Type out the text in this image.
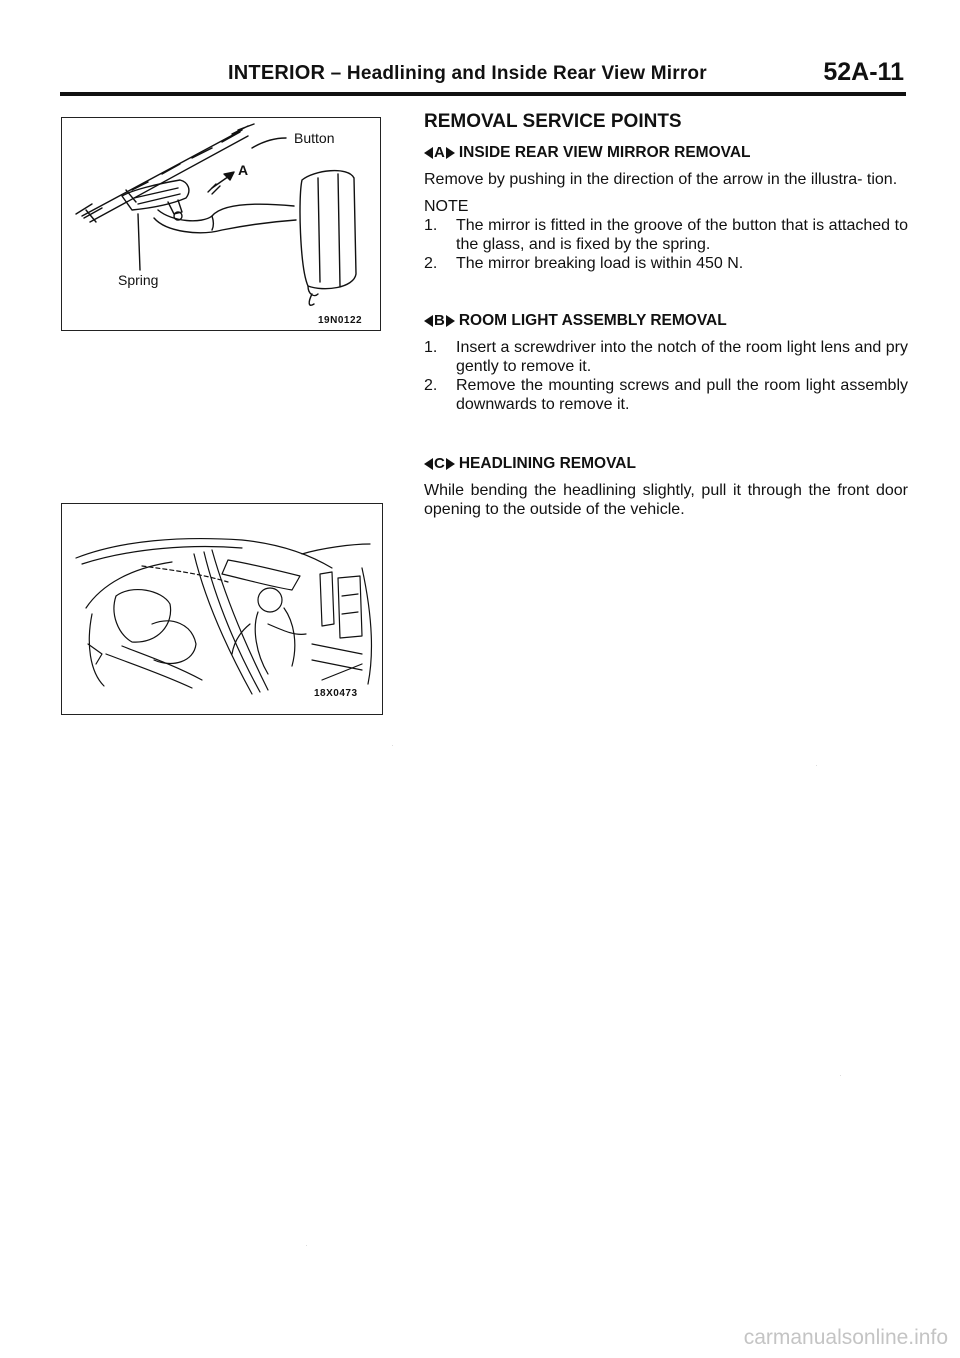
INTERIOR – Headlining and Inside Rear View Mirror	52A-11
Button
A
Spring
19N0122
18X0473
REMOVAL SERVICE POINTS
A INSIDE REAR VIEW MIRROR REMOVAL

Remove by pushing in the direction of the arrow in the illustra- tion.

NOTE
1. The mirror is fitted in the groove of the button that is attached to the glass, and is fixed by the spring.
2. The mirror breaking load is within 450 N.
B ROOM LIGHT ASSEMBLY REMOVAL
1. Insert a screwdriver into the notch of the room light lens and pry gently to remove it.
2. Remove the mounting screws and pull the room light assembly downwards to remove it.
C HEADLINING REMOVAL

While bending the headlining slightly, pull it through the front door opening to the outside of the vehicle.

carmanualsonline.info
